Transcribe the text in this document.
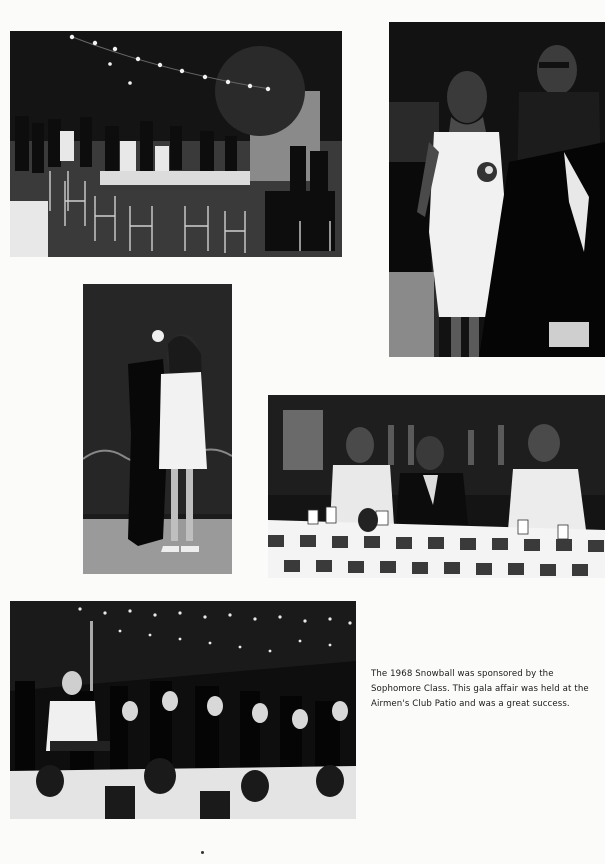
The 1968 Snowball was sponsored by the Sophomore Class. This gala affair was held at the Airmen's Club Patio and was a great success.
